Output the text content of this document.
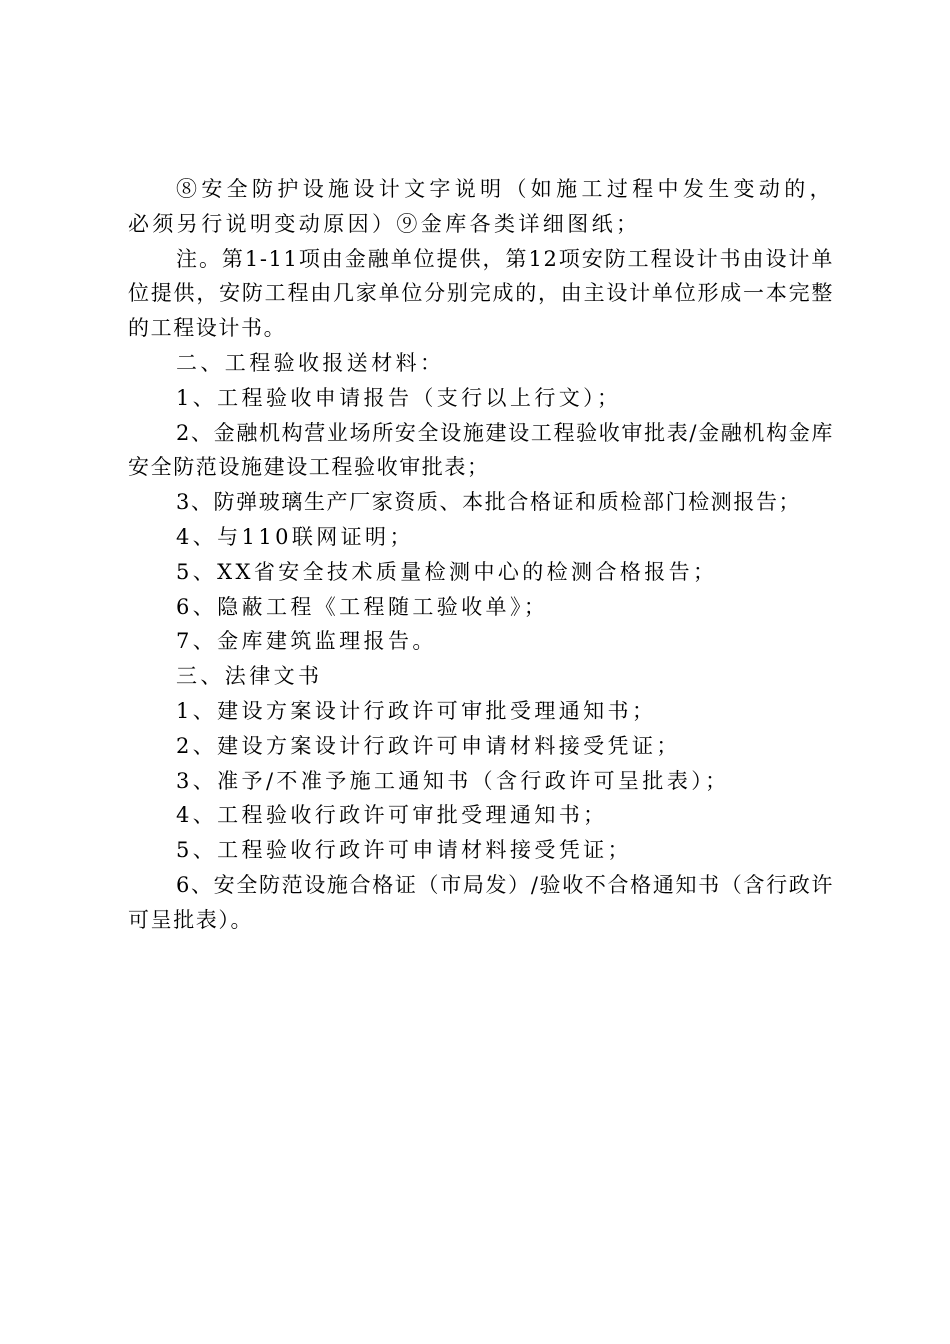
⑧安全防护设施设计文字说明（如施工过程中发生变动的，必须另行说明变动原因）⑨金库各类详细图纸；

注。第1-11项由金融单位提供，第12项安防工程设计书由设计单位提供，安防工程由几家单位分别完成的，由主设计单位形成一本完整的工程设计书。

二、工程验收报送材料：

1、工程验收申请报告（支行以上行文）；

2、金融机构营业场所安全设施建设工程验收审批表/金融机构金库安全防范设施建设工程验收审批表；

3、防弹玻璃生产厂家资质、本批合格证和质检部门检测报告；

4、与110联网证明；

5、XX省安全技术质量检测中心的检测合格报告；

6、隐蔽工程《工程随工验收单》；

7、金库建筑监理报告。

三、法律文书

1、建设方案设计行政许可审批受理通知书；

2、建设方案设计行政许可申请材料接受凭证；

3、准予/不准予施工通知书（含行政许可呈批表）；

4、工程验收行政许可审批受理通知书；

5、工程验收行政许可申请材料接受凭证；

6、安全防范设施合格证（市局发）/验收不合格通知书（含行政许可呈批表）。
